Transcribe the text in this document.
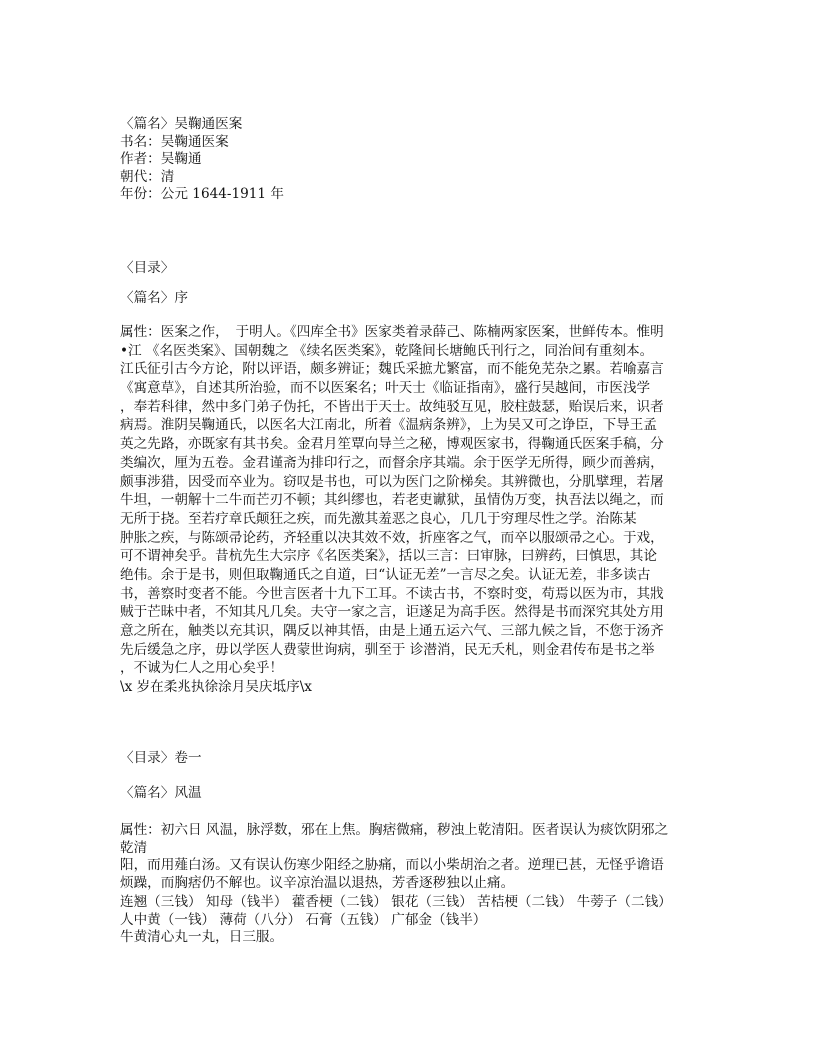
〈篇名〉吴鞠通医案
书名：吴鞠通医案
作者：吴鞠通
朝代：清
年份：公元 1644-1911 年
〈目录〉
〈篇名〉序
属性：医案之作，　于明人。《四库全书》医家类着录薛己、陈楠两家医案，世鲜传本。惟明
•江 《名医类案》、国朝魏之 《续名医类案》，乾隆间长塘鲍氏刊行之，同治间有重刻本。
江氏征引古今方论，附以评语，颇多辨证；魏氏采摭尤繁富，而不能免芜杂之累。若喻嘉言
《寓意草》，自述其所治验，而不以医案名；叶天士《临证指南》，盛行吴越间，市医浅学
，奉若科律，然中多门弟子伪托，不皆出于天士。故纯驳互见，胶柱鼓瑟，贻误后来，识者
病焉。淮阴吴鞠通氏，以医名大江南北，所着《温病条辨》，上为吴又可之诤臣，下导王孟
英之先路，亦既家有其书矣。金君月笙覃向导兰之秘，博观医家书，得鞠通氏医案手稿，分
类编次，厘为五卷。金君谨斋为排印行之，而督余序其端。余于医学无所得，顾少而善病，
颇事涉猎，因受而卒业为。窃叹是书也，可以为医门之阶梯矣。其辨微也，分肌擘理，若屠
牛坦，一朝解十二牛而芒刃不顿；其纠缪也，若老吏谳狱，虽情伪万变，执吾法以绳之，而
无所于挠。至若疗章氏颠狂之疾，而先激其羞恶之良心，几几于穷理尽性之学。治陈某
肿胀之疾，与陈颂帚论药，齐轻重以决其效不效，折座客之气，而卒以服颂帚之心。于戏，
可不谓神矣乎。昔杭先生大宗序《名医类案》，括以三言：曰审脉，曰辨药，曰慎思，其论
绝伟。余于是书，则但取鞠通氏之自道，曰“认证无差”一言尽之矣。认证无差，非多读古
书，善察时变者不能。今世言医者十九下工耳。不读古书，不察时变，苟焉以医为市，其戕
贼于芒昧中者，不知其凡几矣。夫守一家之言，讵遂足为高手医。然得是书而深究其处方用
意之所在，触类以充其识，隅反以神其悟，由是上通五运六气、三部九候之旨，不您于汤齐
先后缓急之序，毋以学医人费蒙世询病，驯至于 诊潜消，民无夭札，则金君传布是书之举
，不诚为仁人之用心矣乎！
\x 岁在柔兆执徐涂月吴庆坻序\x
〈目录〉卷一
〈篇名〉风温
属性：初六日 风温，脉浮数，邪在上焦。胸痞微痛，秽浊上乾清阳。医者误认为痰饮阴邪之
乾清
阳，而用薤白汤。又有误认伤寒少阳经之胁痛，而以小柴胡治之者。逆理已甚，无怪乎谵语
烦躁，而胸痞仍不解也。议辛凉治温以退热，芳香逐秽独以止痛。
连翘（三钱） 知母（钱半） 藿香梗（二钱） 银花（三钱） 苦桔梗（二钱） 牛蒡子（二钱）
人中黄（一钱） 薄荷（八分） 石膏（五钱） 广郁金（钱半）
牛黄清心丸一丸，日三服。
